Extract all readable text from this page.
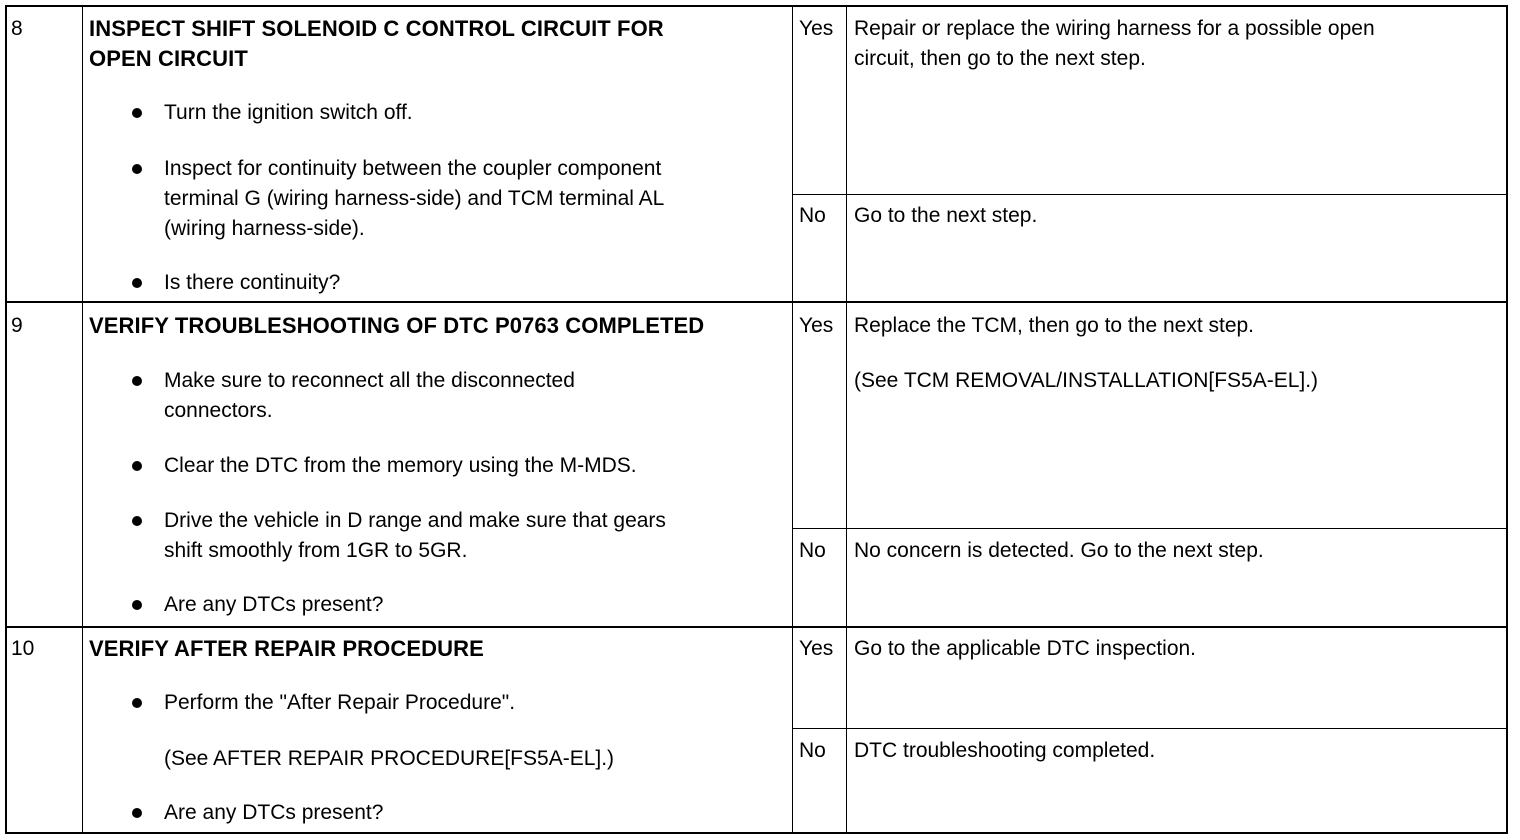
8	INSPECT SHIFT SOLENOID C CONTROL CIRCUIT FOR
OPEN CIRCUIT
Turn the ignition switch off.
Inspect for continuity between the coupler component
terminal G (wiring harness-side) and TCM terminal AL
(wiring harness-side).
Is there continuity?
Yes Repair or replace the wiring harness for a possible open
circuit, then go to the next step.
No Go to the next step.
9	VERIFY TROUBLESHOOTING OF DTC P0763 COMPLETED
Make sure to reconnect all the disconnected
connectors.
Clear the DTC from the memory using the M-MDS.
Drive the vehicle in D range and make sure that gears
shift smoothly from 1GR to 5GR.
Are any DTCs present?
Yes Replace the TCM, then go to the next step.
(See TCM REMOVAL/INSTALLATION[FS5A-EL].)
No No concern is detected. Go to the next step.
10 VERIFY AFTER REPAIR PROCEDURE
Perform the "After Repair Procedure".
(See AFTER REPAIR PROCEDURE[FS5A-EL].)
Are any DTCs present?
Yes Go to the applicable DTC inspection.
No DTC troubleshooting completed.
